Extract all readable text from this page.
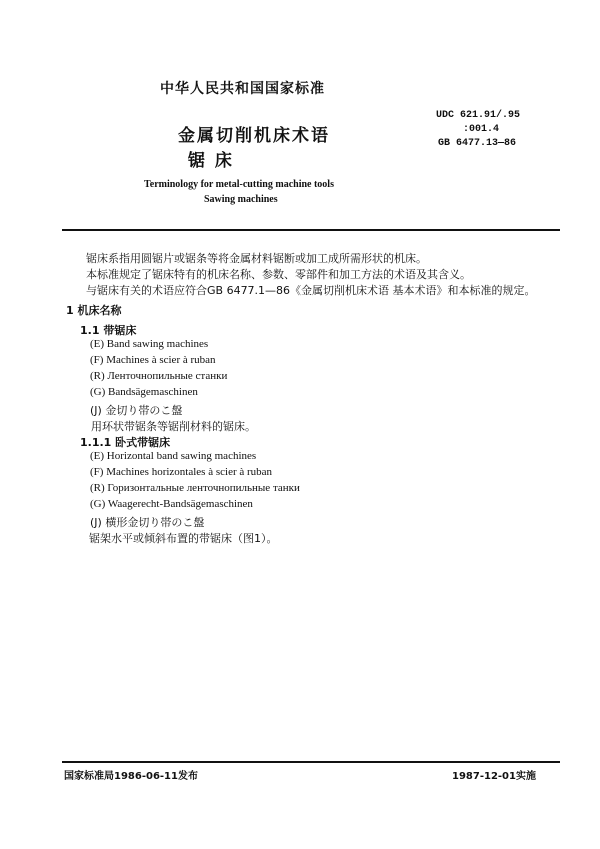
中华人民共和国国家标准
UDC 621.91/.95
:001.4
GB 6477.13—86
金属切削机床术语
锯 床
Terminology for metal-cutting machine tools
Sawing machines
锯床系指用圆锯片或锯条等将金属材料锯断或加工成所需形状的机床。
本标准规定了锯床特有的机床名称、参数、零部件和加工方法的术语及其含义。
与锯床有关的术语应符合GB 6477.1—86《金属切削机床术语 基本术语》和本标准的规定。
1 机床名称
1.1 带锯床
(E) Band sawing machines
(F) Machines à scier à ruban
(R) Ленточнопильные станки
(G) Bandsägemaschinen
(J) 金切り帯のこ盤
用环状带锯条等锯削材料的锯床。
1.1.1 卧式带锯床
(E) Horizontal band sawing machines
(F) Machines horizontales à scier à ruban
(R) Горизонтальные ленточнопильные танки
(G) Waagerecht-Bandsägemaschinen
(J) 横形金切り帯のこ盤
锯架水平或倾斜布置的带锯床（图1）。
国家标准局1986-06-11发布	1987-12-01实施
